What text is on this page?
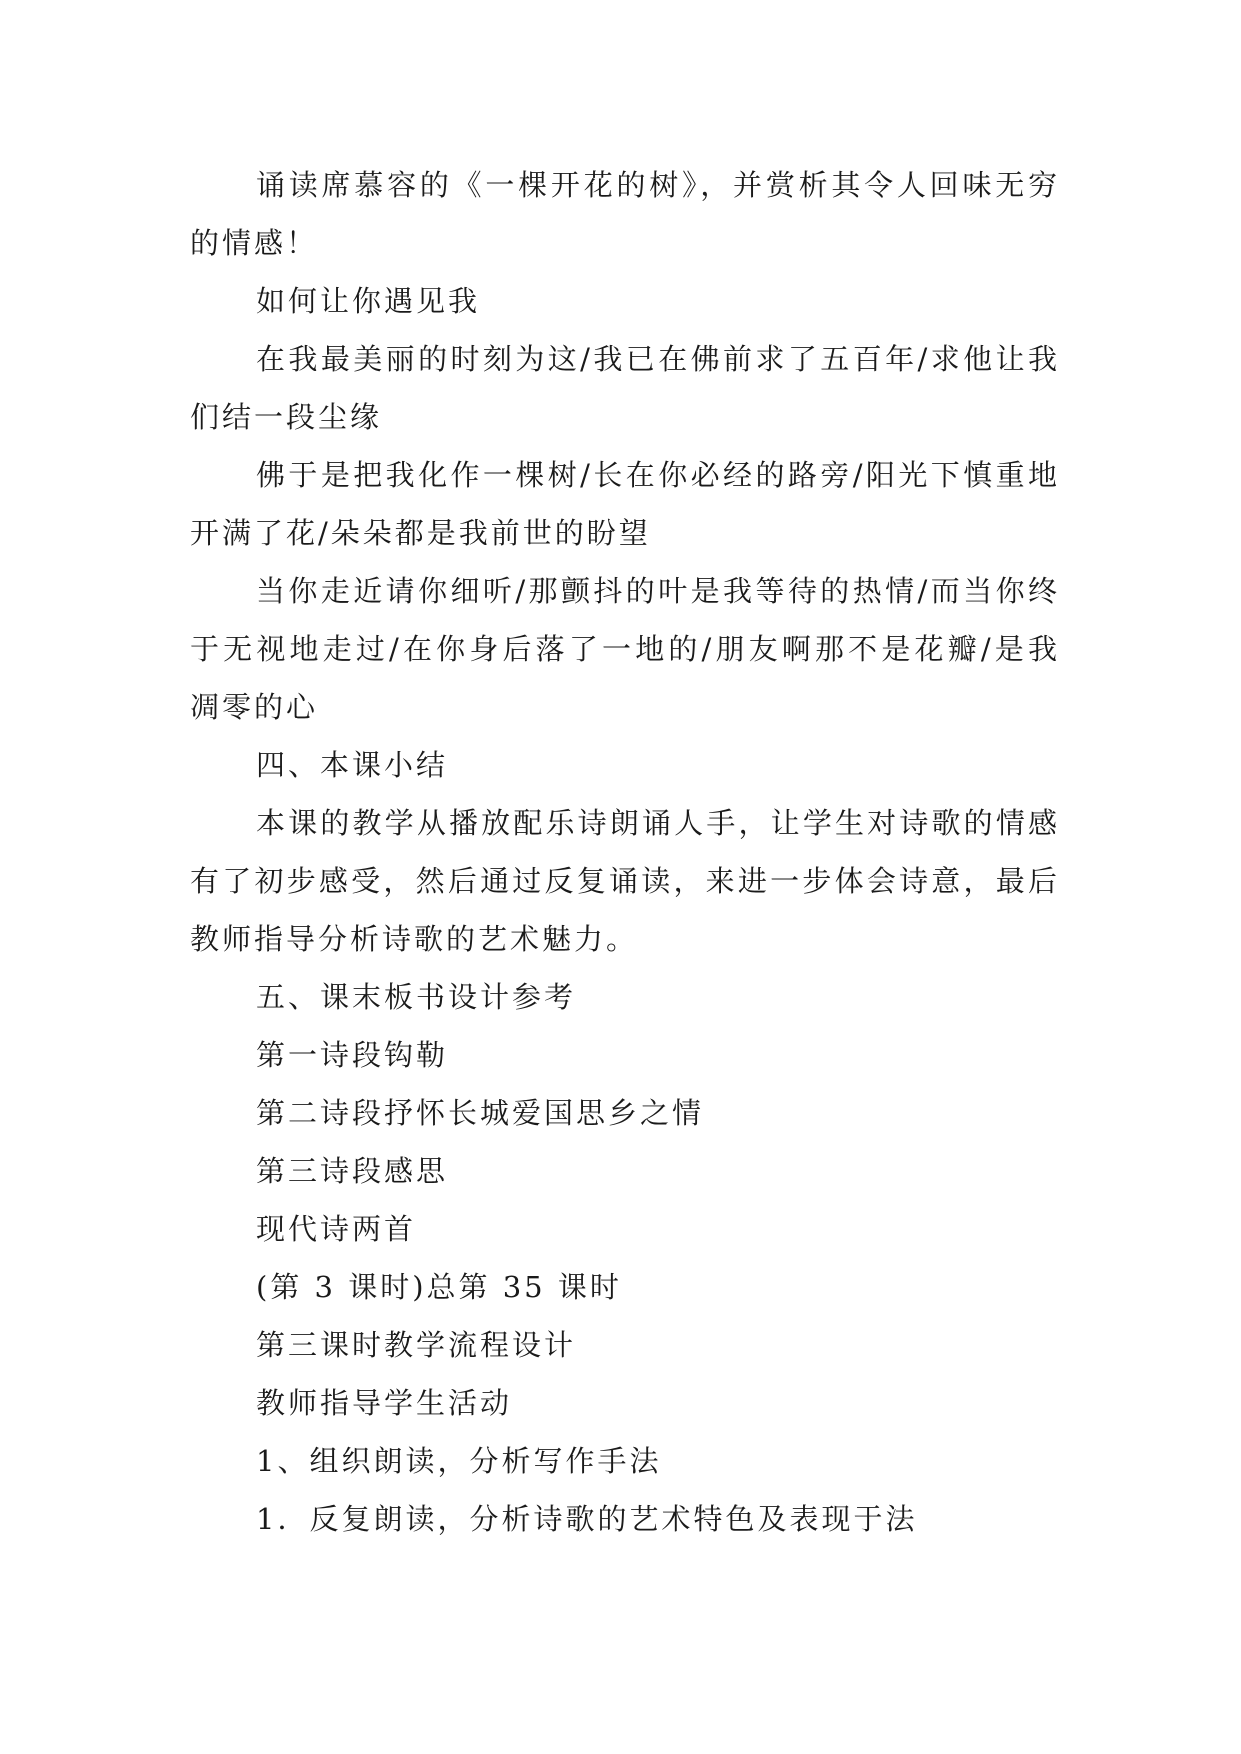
诵读席慕容的《一棵开花的树》，并赏析其令人回味无穷的情感！

如何让你遇见我

在我最美丽的时刻为这/我已在佛前求了五百年/求他让我们结一段尘缘

佛于是把我化作一棵树/长在你必经的路旁/阳光下慎重地开满了花/朵朵都是我前世的盼望

当你走近请你细听/那颤抖的叶是我等待的热情/而当你终于无视地走过/在你身后落了一地的/朋友啊那不是花瓣/是我凋零的心

四、本课小结

本课的教学从播放配乐诗朗诵人手，让学生对诗歌的情感有了初步感受，然后通过反复诵读，来进一步体会诗意，最后教师指导分析诗歌的艺术魅力。

五、课末板书设计参考

第一诗段钩勒

第二诗段抒怀长城爱国思乡之情

第三诗段感思

现代诗两首

(第 3 课时)总第 35 课时

第三课时教学流程设计

教师指导学生活动

1、组织朗读，分析写作手法

1．反复朗读，分析诗歌的艺术特色及表现于法
